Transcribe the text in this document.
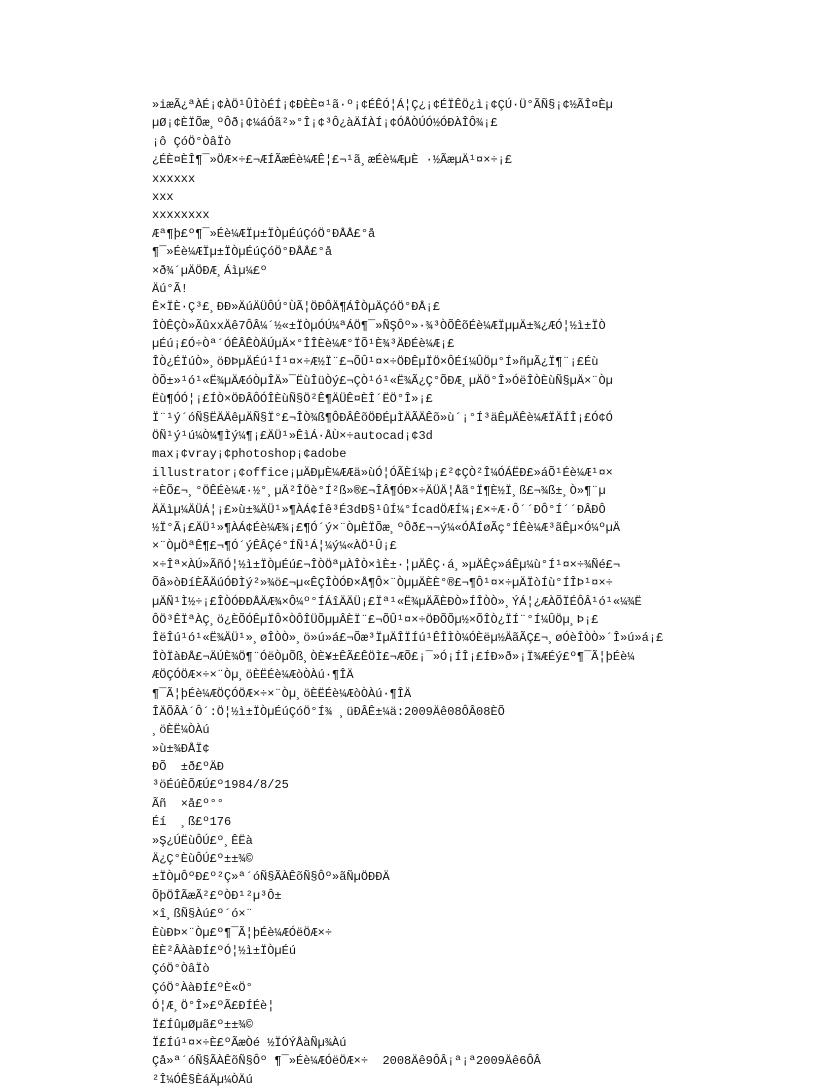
»іæÃ¿ªÀÉ¡¢ÀÖ¹ÛÌòÉÍ¡¢ÐÈÈ¤¹ã·º¡¢ÉÊÓ¦Á¦Ç¿¡¢ÉÏÊÖ¿ì¡¢ÇÚ·Ü°ÃÑ§¡¢½ÃÎ¤Èµ
µØ¡¢ÈÏÕæ¸ºÔð¡¢¼áÓã²»°Î¡¢³Ô¿àÄÍÀÍ¡¢ÓÅÒÚÓ½ÓÐÀÎÔ¾¡£
¡ô ÇóÖ°ÒâÏò
¿ÉÈ¤ÈÎ¶¯»ÖÆ×÷£¬ÆÍÃæÉè¼ÆÊ¦£¬¹ã¸æÉè¼ÆµÈ ·½ÃæµÄ¹¤×÷¡£
xxxxxx
xxx
xxxxxxxx
Æª¶þ£º¶¯»Éè¼ÆÏµ±ÏÒµÉúÇóÖ°ÐÅÅ£°å
¶¯»Éè¼ÆÏµ±ÏÒµÉúÇóÖ°ÐÅÅ£°å
×ð¾´µÄÖÐÆ¸Áìµ¼£º
Äú°Ã!
Ê×ÏÈ·Ç³£¸ÐÐ»ÄúÄÜÔÚ°ÙÃ¦ÖÐÔÄ¶ÁÎÒµÄÇóÖ°ÐÅ¡£
ÎÒÊÇÒ»ÃûxxÄê7ÔÂ¼´½«±ÏÒµÓÚ¼ªÁÖ¶¯»ÑŞÔº»·¾³ÒÕÊõÉè¼ÆÏµµÄ±¾¿ÆÓ¦½ì±ÏÒ
µÉú¡£Ó÷Òª´ÓÊÂÊÒÄÚµÄ×°ÎÎÈè¼Æ°ÏÕ¹È¾³ÄÐÉè¼Æ¡£
ÎÒ¿ÉÏúÒ»¸öÐÞµÄÉú¹Í¹¤×÷Æ½Ï¨£¬ÕÛ¹¤×÷ÖÐÊµÏÖ×ÔÉí¼ÛÖµ°Í»ñµÃ¿Ï¶¨¡£Éù
ÒÕ±»¹ó¹«Ë¾µÄÆóÒµÎÄ»¯ËùÎüÒý£¬ÇÒ¹ó¹«Ë¾Ã¿Ç°ÕÐÆ¸µÄÖ°Î»ÓëÎÒÈùÑ§µÄ×¨Òµ
Ëù¶ÓÓ¦¡£ÍÒ×ÖÐÂÔÓÎÈùÑ§Ö²Ê¶ÄÜÊ¤ÈÎ´ËÖ°Î»¡£
Ï¨¹ý´óÑ§ËÄÄêµÄÑ§Ï°£¬ÎÒ¾ß¶ÔÐÂÊõÖÐÉµÌÄÃÄÊõ»ù´¡°Í³äÊµÄÊè¼ÆÏÄÍÎ¡£Ó¢Ó
ÖÑ¹ý¹ú¼Ò¼¶Ìý¼¶¡£ÄÜ¹»ÊìÁ·ÅÙ×÷autocad¡¢3d
max¡¢vray¡¢photoshop¡¢adobe
illustrator¡¢office¡µÄÐµÈ¼ÆÆä»ùÓ¦ÓÃÈí¼þ¡£²¢ÇÒ²Î¼ÓÁËÐ£»áÕ¹Éè¼Æ¹¤×
÷ÈÕ£¬¸°ÖÊÉè¼Æ·½°¸µÄ²ÎÖè°Í²ß»®£¬ÎÂ¶ÓÐ×÷ÄÜÄ¦Åã°Ï¶È½Ï¸ß£¬¾ß±¸Ò»¶¨µ
ÄÄìµ¼ÄÜÁ¦¡£»ù±¾ÄÜ¹»¶ÀÁ¢Íê³É3dÐ§¹ûÍ¼°ÍcadÖÆÍ¼¡£×÷Æ·Ô´´ÐÔ°Í´´ÐÂÐÔ
½Ï°Ã¡£ÄÜ¹»¶ÀÁ¢Éè¼Æ¾¡£¶Ó´ý×¨ÒµÈÏÕæ¸ºÔð£¬¬ý¼«ÓÅÍøÃç°ÍÊè¼Æ³ãÊµ×Ó¼ºµÄ
×¨ÒµÖªÊ¶£¬¶Ó´ýÊÂÇé°ÍÑ¹Á¦¼ý¼«ÀÖ¹Û¡£
×÷Îª×ÀÚ»ÃñÓ¦½ì±ÏÒµÉú£¬ÎÒÖªµÀÎÒ×ìÈ±·¦µÄÊÇ·á¸»µÄÊç»áÊµ¼ù°Í¹¤×÷¾Ñé£¬
Õâ»òÐíÈÃÄúÓÐÌý²»¾ö£¬µ«ÊÇÎÒÓÐ×Å¶Ô×¨ÒµµÄÈÈ°®£¬¶Ô¹¤×÷µÄÏòÍù°ÍÎÞ¹¤×÷
µÄÑ¹Ì½÷¡£ÎÒÓÐÐÅÄÆ¾×Ô¼º°ÍÁîÄÄÜ¡£Ïª¹«Ë¾µÄÃÈÐÒ»ÍÎÒÒ»¸ÝÁ¦¿ÆÀÕÏÉÔÂ¹ó¹«¼¾Ë
ÔÖ³ÊÏªÀÇ¸ö¿ÈÕÓÊµÏÔ×ÒÔÎÜÕµµÂÈÏ¨£¬ÕÛ¹¤×÷ÖÐÕÕµ½×ÕÎÒ¿ÏÍ¨°Í¼ÛÖµ¸Þ¡£
ÎëÎú¹ó¹«Ë¾ÄÜ¹»¸øÎÒÒ»¸ö»ú»á£¬Õæ³ÏµÄÎÏÍú¹ÊÎÌÒ¼ÓÈëµ½ÄãÃÇ£¬¸øÓèÎÒÒ»´Î»ú»á¡£
ÎÒÏàÐÅ£¬ÄÚÈ¾Ö¶¨ÓëÒµÕß¸ÒÈ¥±ÊÃ£ÊÖÌ£¬ÆÕ£¡¯»Ó¡ÍÎ¡£ÍÐ»ð»¡Ï¾ÆÉý£º¶¯Ã¦þÉè¼
ÆÖÇÓÖÆ×÷×¨Òµ¸öÈËÉè¼ÆòÒÀú·¶ÎÄ
¶¯Ã¦þÉè¼ÆÖÇÓÖÆ×÷×¨Òµ¸öÈËÉè¼ÆòÒÀú·¶ÎÄ
ÎÄÕÂÀ´Ô´:Ö¦½ì±ÏÒµÉúÇóÖ°Í¾ ¸üÐÂÊ±¼ä:2009Äê08ÔÂ08ÈÕ
¸öÈË¼ÒÀú
»ù±¾ÐÅÏ¢
ÐÕ  ±ð£ºÄÐ
³öÉúÈÕÆÚ£º1984/8/25
Ãñ  ×å£º°°
Éí  ¸ß£º176
»Ş¿ÚËùÔÚ£º¸ÊËà
Ä¿Ç°ÈùÔÚ£º±±¾©
±ÏÒµÔºÐ£º²Ç»ª´óÑ§ÃÀÊõÑ§Ôº»ãÑµÖÐÐÄ
ÕþÖÎÃæÃ²£ºÒÐ¹²µ³Ô±
×î¸ßÑ§Àú£º´ó×¨
ÈùÐÞ×¨Òµ£º¶¯Ã¦þÉè¼ÆÓëÖÆ×÷
ÈÈ²ÂÀàÐÍ£ºÓ¦½ì±ÏÒµÉú
ÇóÖ°ÒâÏò
ÇóÖ°ÀàÐÍ£ºÈ«Ö°
Ó¦Æ¸Ö°Î»£ºÃ£ÐÍÉè¦
Ï£ÍûµØµã£º±±¾©
Ï£Íú¹¤×÷È£ºÃæÒé ½ÏÓÝÅàÑµ¾Àú
Çå»ª´óÑ§ÃÀÊõÑ§Ôº ¶¯»Éè¼ÆÓëÖÆ×÷  2008Äê9ÔÂ¡ª¡ª2009Äê6ÔÂ
²Î¼ÓÊ§ÈáÄµ¼ÒÄú
